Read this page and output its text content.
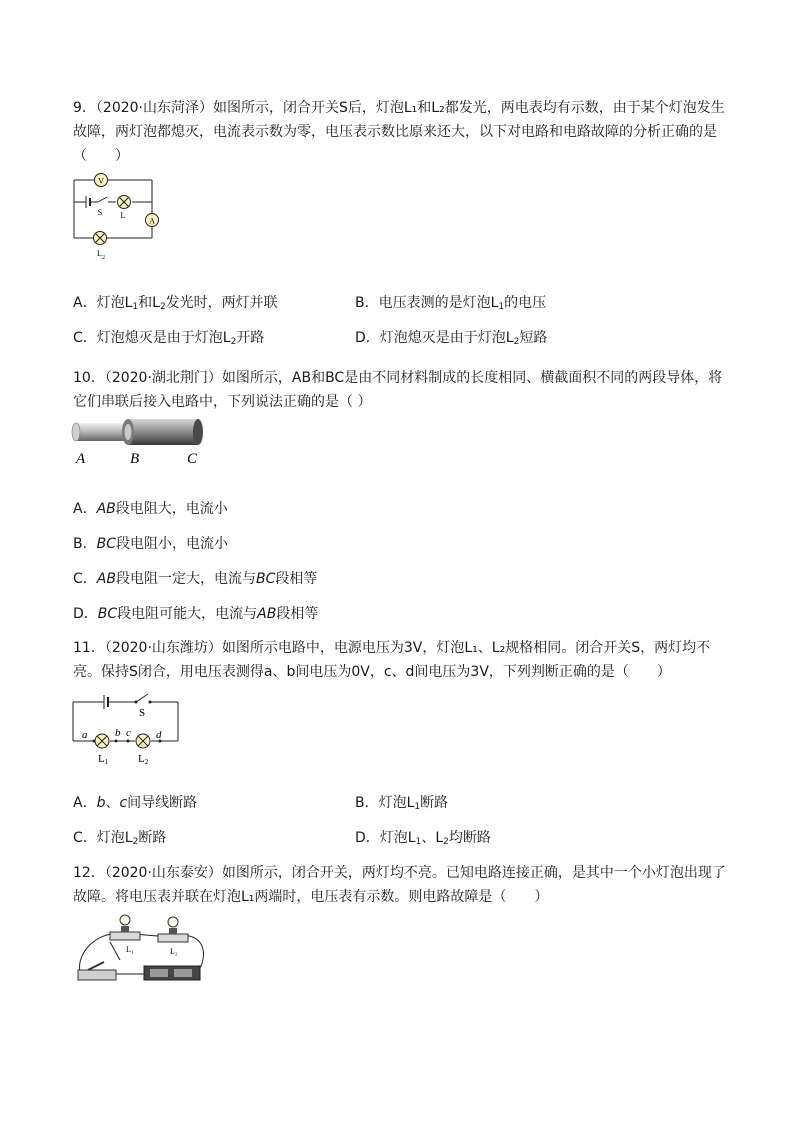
9．（2020·山东菏泽）如图所示，闭合开关S后，灯泡L₁和L₂都发光，两电表均有示数，由于某个灯泡发生故障，两灯泡都熄灭，电流表示数为零，电压表示数比原来还大，以下对电路和电路故障的分析正确的是（　　）

V
A
S L
L 2
A．灯泡$L_1$和$L_2$发光时，两灯并联	B．电压表测的是灯泡$L_1$的电压
C．灯泡熄灭是由于灯泡$L_2$开路	D．灯泡熄灭是由于灯泡$L_2$短路

10．（2020·湖北荆门）如图所示，AB和BC是由不同材料制成的长度相同、横截面积不同的两段导体，将它们串联后接入电路中，下列说法正确的是（ ）

A	B	C
A．AB段电阻大，电流小
B．BC段电阻小，电流小
C．AB段电阻一定大，电流与BC段相等
D．BC段电阻可能大，电流与AB段相等

11．（2020·山东潍坊）如图所示电路中，电源电压为3V，灯泡L₁、L₂规格相同。闭合开关S，两灯均不亮。保持S闭合，用电压表测得a、b间电压为0V，c、d间电压为3V，下列判断正确的是（　　）

S
a	b c d
L1	L2
A．b、c间导线断路	B．灯泡$L_1$断路
C．灯泡$L_2$断路	D．灯泡$L_1$、$L_2$均断路

12．（2020·山东泰安）如图所示，闭合开关，两灯均不亮。已知电路连接正确，是其中一个小灯泡出现了故障。将电压表并联在灯泡L₁两端时，电压表有示数。则电路故障是（　　）

L₁	L₂
